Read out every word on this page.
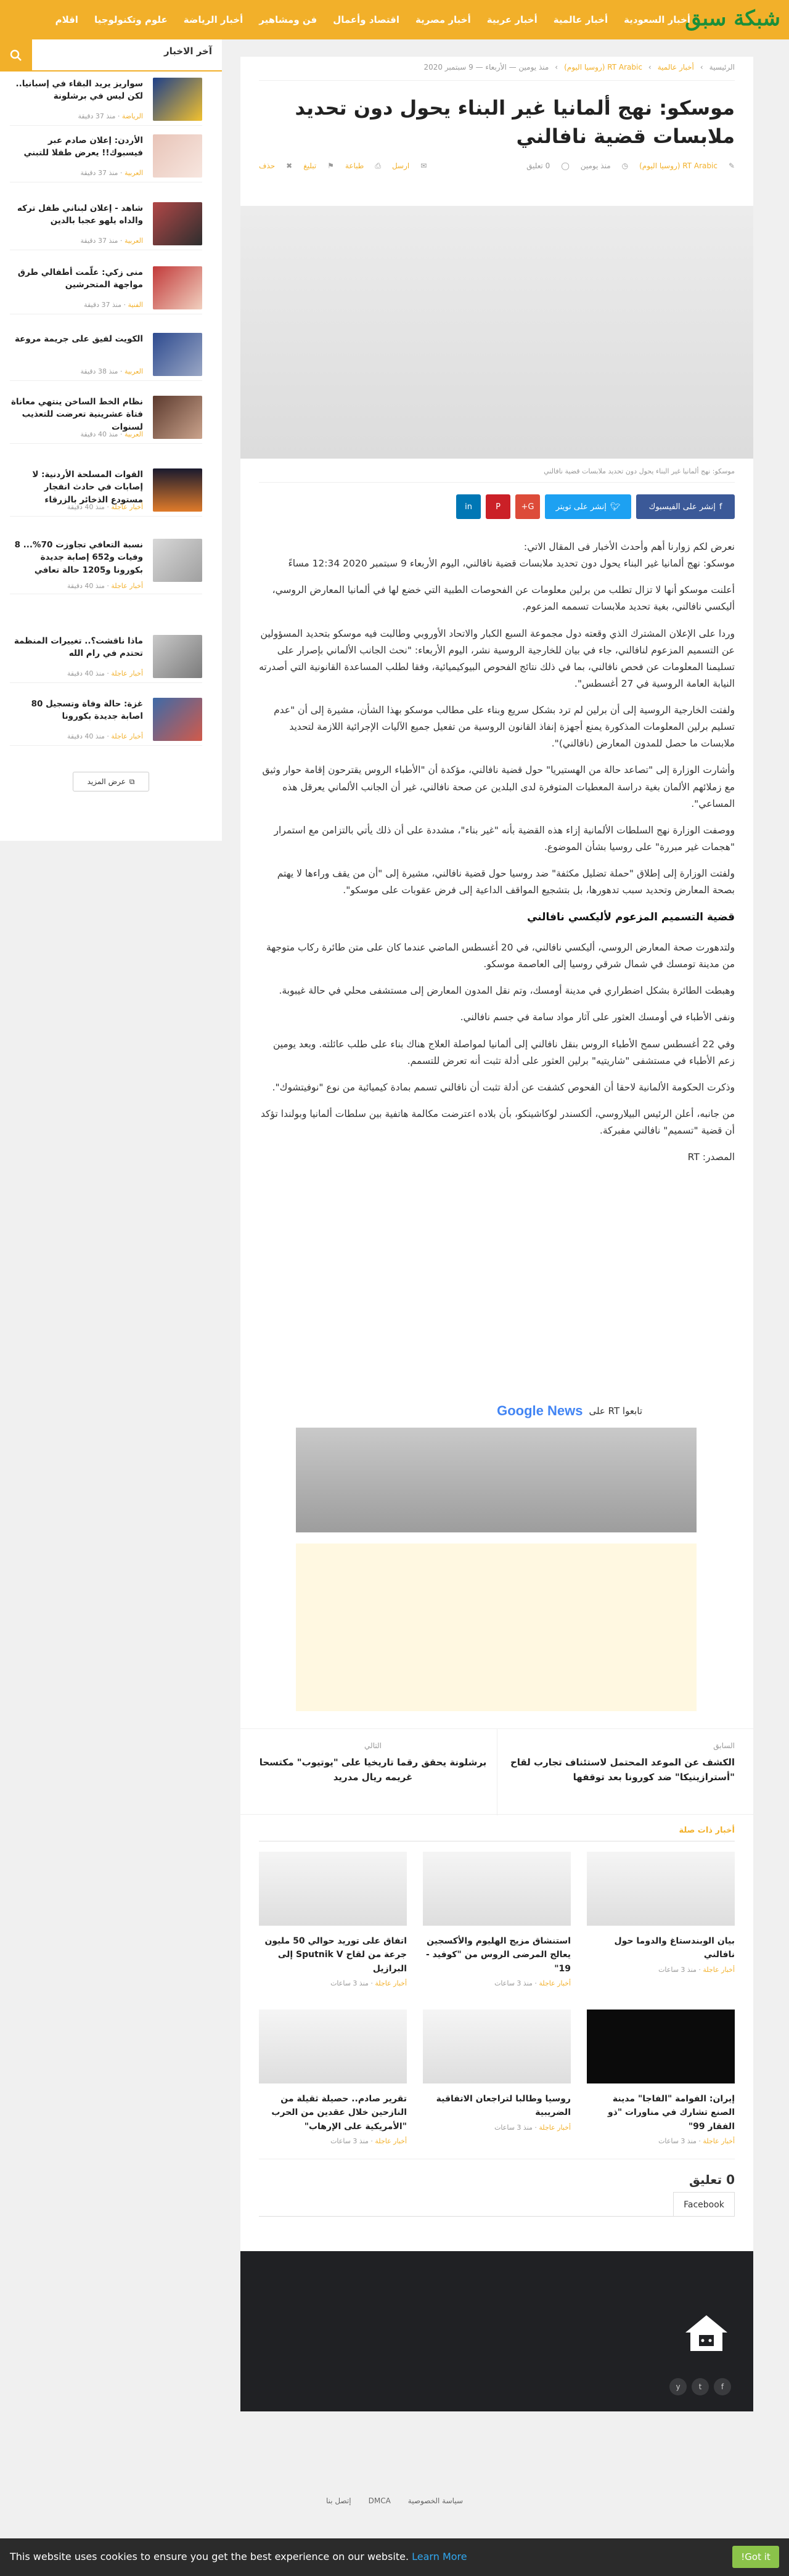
شبكة سبق
أخبار السعودية
أخبار عالمية
أخبار عربية
أخبار مصرية
اقتصاد وأعمال
فن ومشاهير
أخبار الرياضة
علوم وتكنولوجيا
اقلام
آخر الاخبار
سواريز يريد البقاء في إسبانيا.. لكن ليس في برشلونة
الرياضة · منذ 37 دقيقة
الأردن: إعلان صادم عبر فيسبوك!! يعرض طفلا للتبني
العربية · منذ 37 دقيقة
شاهد - إعلان لبناني طفل تركه والداه يلهو عجبا بالدين
العربية · منذ 37 دقيقة
منى زكي: علّمت أطفالي طرق مواجهة المتحرشين
الفنية · منذ 37 دقيقة
الكويت لفيق على جريمة مروعة
العربية · منذ 38 دقيقة
نظام الخط الساخن ينتهي معاناة فتاة عشرينية تعرضت للتعذيب لسنوات
العربية · منذ 40 دقيقة
القوات المسلحة الأردنية: لا إصابات في حادث انفجار مستودع الذخائر بالزرقاء
أخبار عاجلة · منذ 40 دقيقة
نسبة التعافي تجاوزت 70%... 8 وفيات و652 إصابة جديدة بكورونا و1205 حالة تعافي
أخبار عاجلة · منذ 40 دقيقة
ماذا ناقشت؟.. تغييرات المنظمة تحتدم في رام الله
أخبار عاجلة · منذ 40 دقيقة
غزة: حالة وفاة وتسجيل 80 اصابة جديدة بكورونا
أخبار عاجلة · منذ 40 دقيقة
⧉
عرض المزيد
الرئيسية
›
أخبار عالمية
›
RT Arabic (روسيا اليوم)
›
منذ يومين — الأربعاء — 9 سبتمبر 2020
موسكو: نهج ألمانيا غير البناء يحول دون تحديد ملابسات قضية نافالني
✎
RT Arabic (روسيا اليوم)
◷
منذ يومين
◯
0 تعليق
✉
ارسل
⎙
طباعة
⚑
تبليغ
✖
حذف
موسكو: نهج ألمانيا غير البناء يحول دون تحديد ملابسات قضية نافالني
f
إنشر على الفيسبوك
🐦︎
إنشر على تويتر
G+
P
in

نعرض لكم زوارنا أهم وأحدث الأخبار فى المقال الاتي:
موسكو: نهج ألمانيا غير البناء يحول دون تحديد ملابسات قضية نافالني، اليوم الأربعاء 9 سبتمبر 2020 12:34 مساءً

أعلنت موسكو أنها لا تزال تطلب من برلين معلومات عن الفحوصات الطبية التي خضع لها في ألمانيا المعارض الروسي، أليكسي نافالني، بغية تحديد ملابسات تسممه المزعوم.

وردا على الإعلان المشترك الذي وقعته دول مجموعة السبع الكبار والاتحاد الأوروبي وطالبت فيه موسكو بتحديد المسؤولين عن التسميم المزعوم لنافالني، جاء في بيان للخارجية الروسية نشر، اليوم الأربعاء: "نحث الجانب الألماني بإصرار على تسليمنا المعلومات عن فحص نافالني، بما في ذلك نتائج الفحوص البيوكيميائية، وفقا لطلب المساعدة القانونية التي أصدرته النيابة العامة الروسية في 27 أغسطس".

ولفتت الخارجية الروسية إلى أن برلين لم ترد بشكل سريع وبناء على مطالب موسكو بهذا الشأن، مشيرة إلى أن "عدم تسليم برلين المعلومات المذكورة يمنع أجهزة إنفاذ القانون الروسية من تفعيل جميع الآليات الإجرائية اللازمة لتحديد ملابسات ما حصل للمدون المعارض (نافالني)".

وأشارت الوزارة إلى "تصاعد حالة من الهستيريا" حول قضية نافالني، مؤكدة أن "الأطباء الروس يقترحون إقامة حوار وثيق مع زملائهم الألمان بغية دراسة المعطيات المتوفرة لدى البلدين عن صحة نافالني، غير أن الجانب الألماني يعرقل هذه المساعي".

ووصفت الوزارة نهج السلطات الألمانية إزاء هذه القضية بأنه "غير بناء"، مشددة على أن ذلك يأتي بالتزامن مع استمرار "هجمات غير مبررة" على روسيا بشأن الموضوع.

ولفتت الوزارة إلى إطلاق "حملة تضليل مكثفة" ضد روسيا حول قضية نافالني، مشيرة إلى "أن من يقف وراءها لا يهتم بصحة المعارض وتحديد سبب تدهورها، بل بتشجيع المواقف الداعية إلى فرض عقوبات على موسكو".

قضية التسميم المزعوم لأليكسي نافالني

ولتدهورت صحة المعارض الروسي، أليكسي نافالني، في 20 أغسطس الماضي عندما كان على متن طائرة ركاب متوجهة من مدينة تومسك في شمال شرقي روسيا إلى العاصمة موسكو.

وهبطت الطائرة بشكل اضطراري في مدينة أومسك، وتم نقل المدون المعارض إلى مستشفى محلي في حالة غيبوبة.

ونفى الأطباء في أومسك العثور على آثار مواد سامة في جسم نافالني.

وفي 22 أغسطس سمح الأطباء الروس بنقل نافالني إلى ألمانيا لمواصلة العلاج هناك بناء على طلب عائلته. وبعد يومين زعم الأطباء في مستشفى "شاريتيه" برلين العثور على أدلة تثبت أنه تعرض للتسمم.

وذكرت الحكومة الألمانية لاحقا أن الفحوص كشفت عن أدلة تثبت أن نافالني تسمم بمادة كيميائية من نوع "نوفيتشوك".

من جانبه، أعلن الرئيس البيلاروسي، ألكسندر لوكاشينكو، بأن بلاده اعترضت مكالمة هاتفية بين سلطات ألمانيا وبولندا تؤكد أن قضية "تسميم" نافالني مفبركة.

المصدر: RT

تابعوا RT على
Google News
السابق
الكشف عن الموعد المحتمل لاستئناف تجارب لقاح "أسترازينيكا" ضد كورونا بعد توقفها
التالي
برشلونة يحقق رقما تاريخيا على "يوتيوب" مكتسحا غريمه ريال مدريد
أخبار ذات صلة
بيان الوبندستاغ والدوما حول نافالني
أخبار عاجلة · منذ 3 ساعات
استنشاق مزيج الهليوم والأكسجين يعالج المرضى الروس من "كوفيد - 19"
أخبار عاجلة · منذ 3 ساعات
اتفاق على توريد حوالي 50 مليون جرعة من لقاح Sputnik V إلى البرازيل
أخبار عاجلة · منذ 3 ساعات
إيران: الفوامة "الفاجا" مدينة الصنع تشارك في مناورات "ذو الفقار 99"
أخبار عاجلة · منذ 3 ساعات
روسيا وطالبا لتراجعان الاتفاقية الضريبية
أخبار عاجلة · منذ 3 ساعات
تقرير صادم.. حصيلة ثقيلة من النازحين خلال عقدين من الحرب "الأمريكية على الإرهاب"
أخبار عاجلة · منذ 3 ساعات
0 تعليق
Facebook
f
t
y
سياسة الخصوصية
DMCA
إتصل بنا
This website uses cookies to ensure you get the best experience on our website. Learn More	Got it!
